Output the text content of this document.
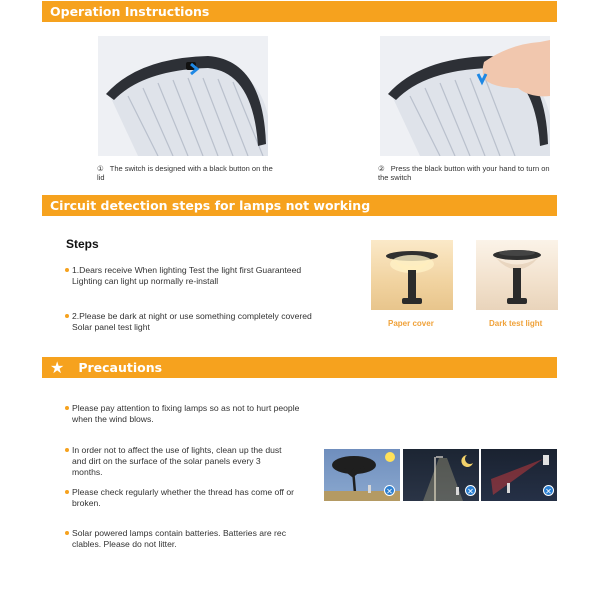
Operation Instructions
① The switch is designed with a black button on the lid
② Press the black button with your hand to turn on the switch
Circuit detection steps for lamps not working
Steps
1.Dears receive When lighting Test the light first Guaranteed Lighting can light up normally re-install
2.Please be dark at night or use something completely covered Solar panel test light	Paper cover	Dark test light
★ Precautions
Please pay attention to fixing lamps so as not to hurt people when the wind blows.
In order not to affect the use of lights, clean up the dust and dirt on the surface of the solar panels every 3 months.
Please check regularly whether the thread has come off or broken.
Solar powered lamps contain batteries. Batteries are rec clables. Please do not litter.
✕	✕	✕
